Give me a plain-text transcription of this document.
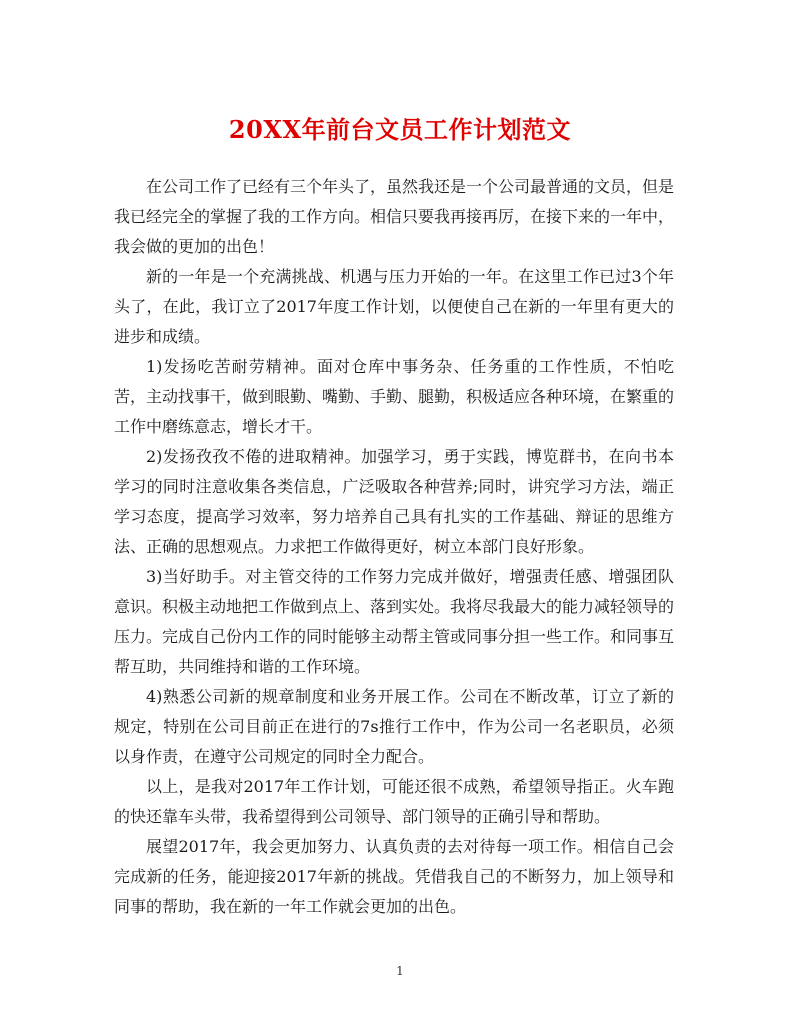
20XX年前台文员工作计划范文

在公司工作了已经有三个年头了，虽然我还是一个公司最普通的文员，但是我已经完全的掌握了我的工作方向。相信只要我再接再厉，在接下来的一年中，我会做的更加的出色！

新的一年是一个充满挑战、机遇与压力开始的一年。在这里工作已过3个年头了，在此，我订立了2017年度工作计划，以便使自己在新的一年里有更大的进步和成绩。

1)发扬吃苦耐劳精神。面对仓库中事务杂、任务重的工作性质，不怕吃苦，主动找事干，做到眼勤、嘴勤、手勤、腿勤，积极适应各种环境，在繁重的工作中磨练意志，增长才干。

2)发扬孜孜不倦的进取精神。加强学习，勇于实践，博览群书，在向书本学习的同时注意收集各类信息，广泛吸取各种营养;同时，讲究学习方法，端正学习态度，提高学习效率，努力培养自己具有扎实的工作基础、辩证的思维方法、正确的思想观点。力求把工作做得更好，树立本部门良好形象。

3)当好助手。对主管交待的工作努力完成并做好，增强责任感、增强团队意识。积极主动地把工作做到点上、落到实处。我将尽我最大的能力减轻领导的压力。完成自己份内工作的同时能够主动帮主管或同事分担一些工作。和同事互帮互助，共同维持和谐的工作环境。

4)熟悉公司新的规章制度和业务开展工作。公司在不断改革，订立了新的规定，特别在公司目前正在进行的7s推行工作中，作为公司一名老职员，必须以身作责，在遵守公司规定的同时全力配合。

以上，是我对2017年工作计划，可能还很不成熟，希望领导指正。火车跑的快还靠车头带，我希望得到公司领导、部门领导的正确引导和帮助。

展望2017年，我会更加努力、认真负责的去对待每一项工作。相信自己会完成新的任务，能迎接2017年新的挑战。凭借我自己的不断努力，加上领导和同事的帮助，我在新的一年工作就会更加的出色。

1
